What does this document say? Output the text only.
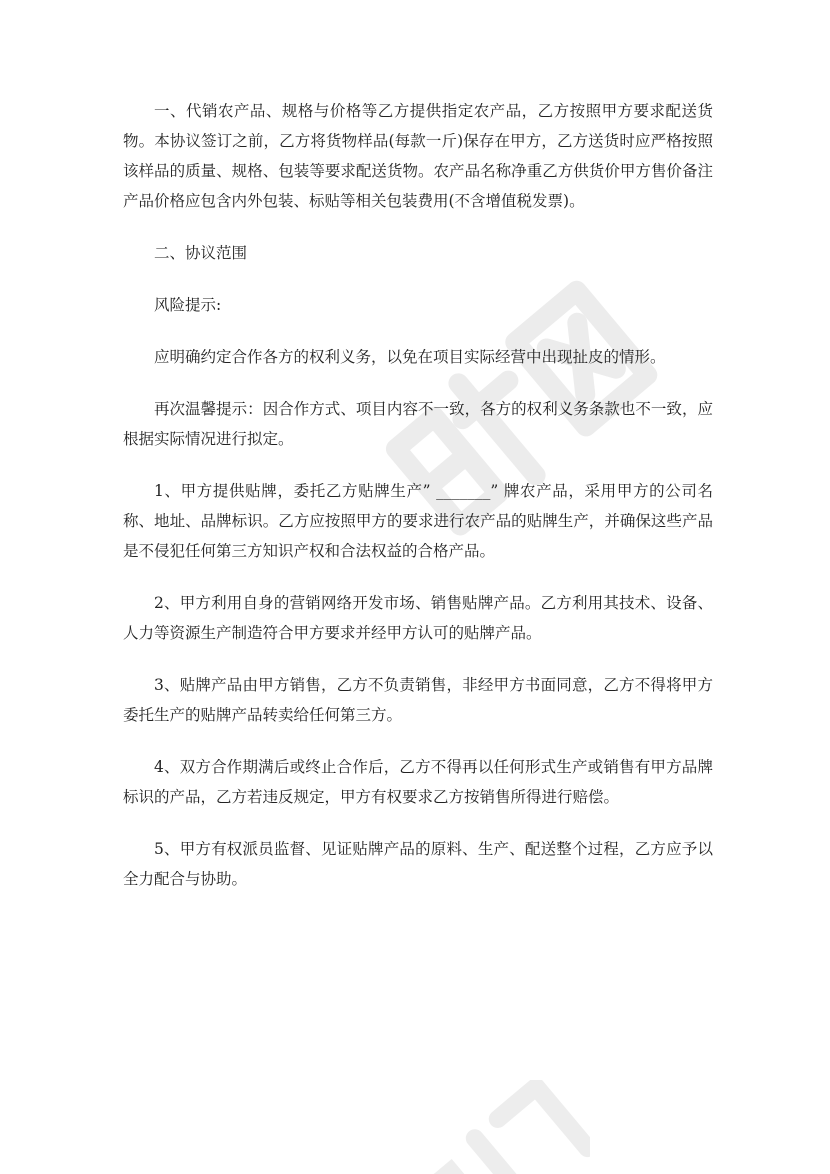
一、代销农产品、规格与价格等乙方提供指定农产品，乙方按照甲方要求配送货物。本协议签订之前，乙方将货物样品(每款一斤)保存在甲方，乙方送货时应严格按照该样品的质量、规格、包装等要求配送货物。农产品名称净重乙方供货价甲方售价备注产品价格应包含内外包装、标贴等相关包装费用(不含增值税发票)。

二、协议范围

风险提示:

应明确约定合作各方的权利义务，以免在项目实际经营中出现扯皮的情形。

再次温馨提示：因合作方式、项目内容不一致，各方的权利义务条款也不一致，应根据实际情况进行拟定。

1、甲方提供贴牌，委托乙方贴牌生产” _______” 牌农产品，采用甲方的公司名称、地址、品牌标识。乙方应按照甲方的要求进行农产品的贴牌生产，并确保这些产品是不侵犯任何第三方知识产权和合法权益的合格产品。

2、甲方利用自身的营销网络开发市场、销售贴牌产品。乙方利用其技术、设备、人力等资源生产制造符合甲方要求并经甲方认可的贴牌产品。

3、贴牌产品由甲方销售，乙方不负责销售，非经甲方书面同意，乙方不得将甲方委托生产的贴牌产品转卖给任何第三方。

4、双方合作期满后或终止合作后，乙方不得再以任何形式生产或销售有甲方品牌标识的产品，乙方若违反规定，甲方有权要求乙方按销售所得进行赔偿。

5、甲方有权派员监督、见证贴牌产品的原料、生产、配送整个过程，乙方应予以全力配合与协助。
